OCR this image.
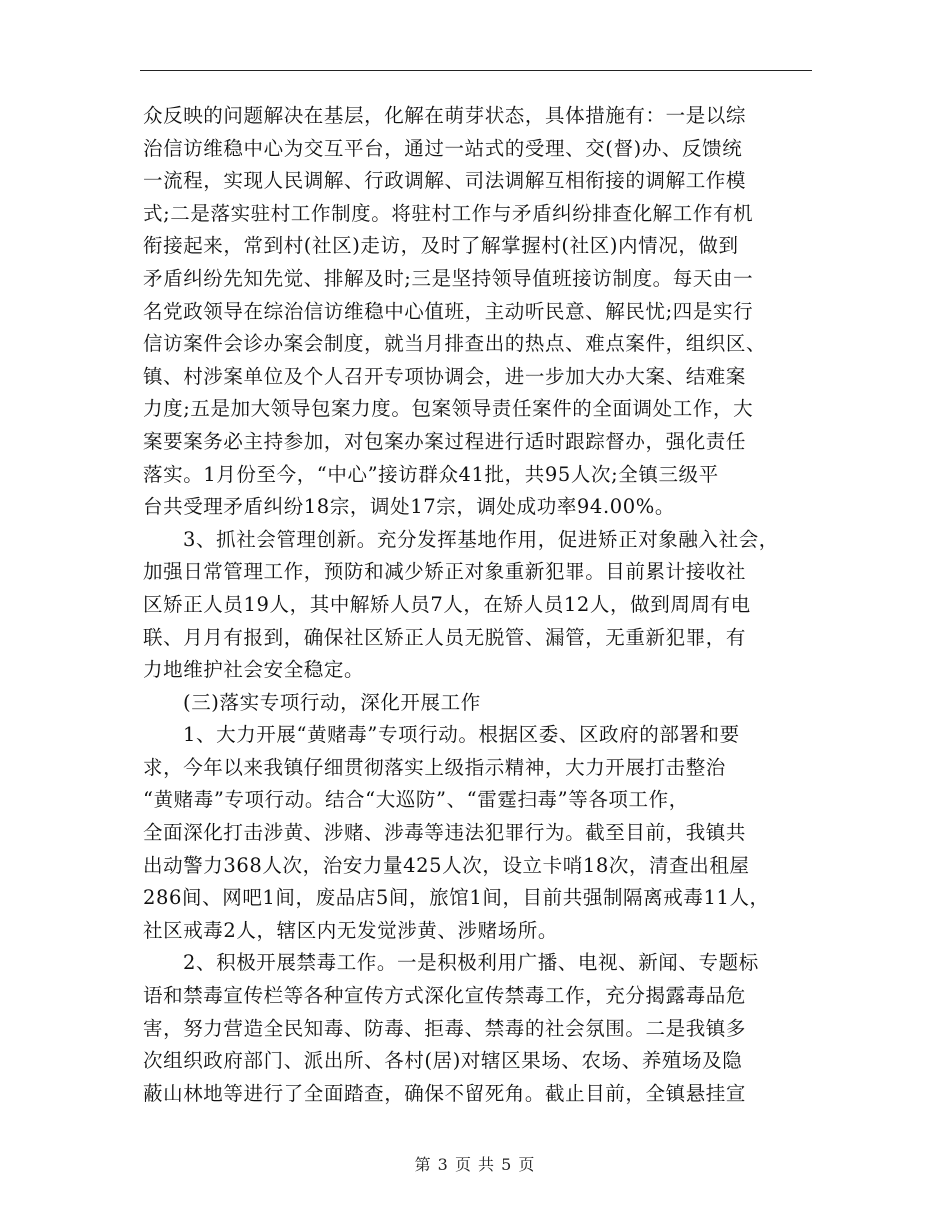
众反映的问题解决在基层，化解在萌芽状态，具体措施有：一是以综
治信访维稳中心为交互平台，通过一站式的受理、交(督)办、反馈统
一流程，实现人民调解、行政调解、司法调解互相衔接的调解工作模
式;二是落实驻村工作制度。将驻村工作与矛盾纠纷排查化解工作有机
衔接起来，常到村(社区)走访，及时了解掌握村(社区)内情况，做到
矛盾纠纷先知先觉、排解及时;三是坚持领导值班接访制度。每天由一
名党政领导在综治信访维稳中心值班，主动听民意、解民忧;四是实行
信访案件会诊办案会制度，就当月排查出的热点、难点案件，组织区、
镇、村涉案单位及个人召开专项协调会，进一步加大办大案、结难案
力度;五是加大领导包案力度。包案领导责任案件的全面调处工作，大
案要案务必主持参加，对包案办案过程进行适时跟踪督办，强化责任
落实。1月份至今，“中心”接访群众41批，共95人次;全镇三级平
台共受理矛盾纠纷18宗，调处17宗，调处成功率94.00%。
3、抓社会管理创新。充分发挥基地作用，促进矫正对象融入社会，
加强日常管理工作，预防和减少矫正对象重新犯罪。目前累计接收社
区矫正人员19人，其中解矫人员7人，在矫人员12人，做到周周有电
联、月月有报到，确保社区矫正人员无脱管、漏管，无重新犯罪，有
力地维护社会安全稳定。
(三)落实专项行动，深化开展工作
1、大力开展“黄赌毒”专项行动。根据区委、区政府的部署和要
求，今年以来我镇仔细贯彻落实上级指示精神，大力开展打击整治
“黄赌毒”专项行动。结合“大巡防”、“雷霆扫毒”等各项工作，
全面深化打击涉黄、涉赌、涉毒等违法犯罪行为。截至目前，我镇共
出动警力368人次，治安力量425人次，设立卡哨18次，清查出租屋
286间、网吧1间，废品店5间，旅馆1间，目前共强制隔离戒毒11人，
社区戒毒2人，辖区内无发觉涉黄、涉赌场所。
2、积极开展禁毒工作。一是积极利用广播、电视、新闻、专题标
语和禁毒宣传栏等各种宣传方式深化宣传禁毒工作，充分揭露毒品危
害，努力营造全民知毒、防毒、拒毒、禁毒的社会氛围。二是我镇多
次组织政府部门、派出所、各村(居)对辖区果场、农场、养殖场及隐
蔽山林地等进行了全面踏查，确保不留死角。截止目前，全镇悬挂宣
第 3 页 共 5 页
